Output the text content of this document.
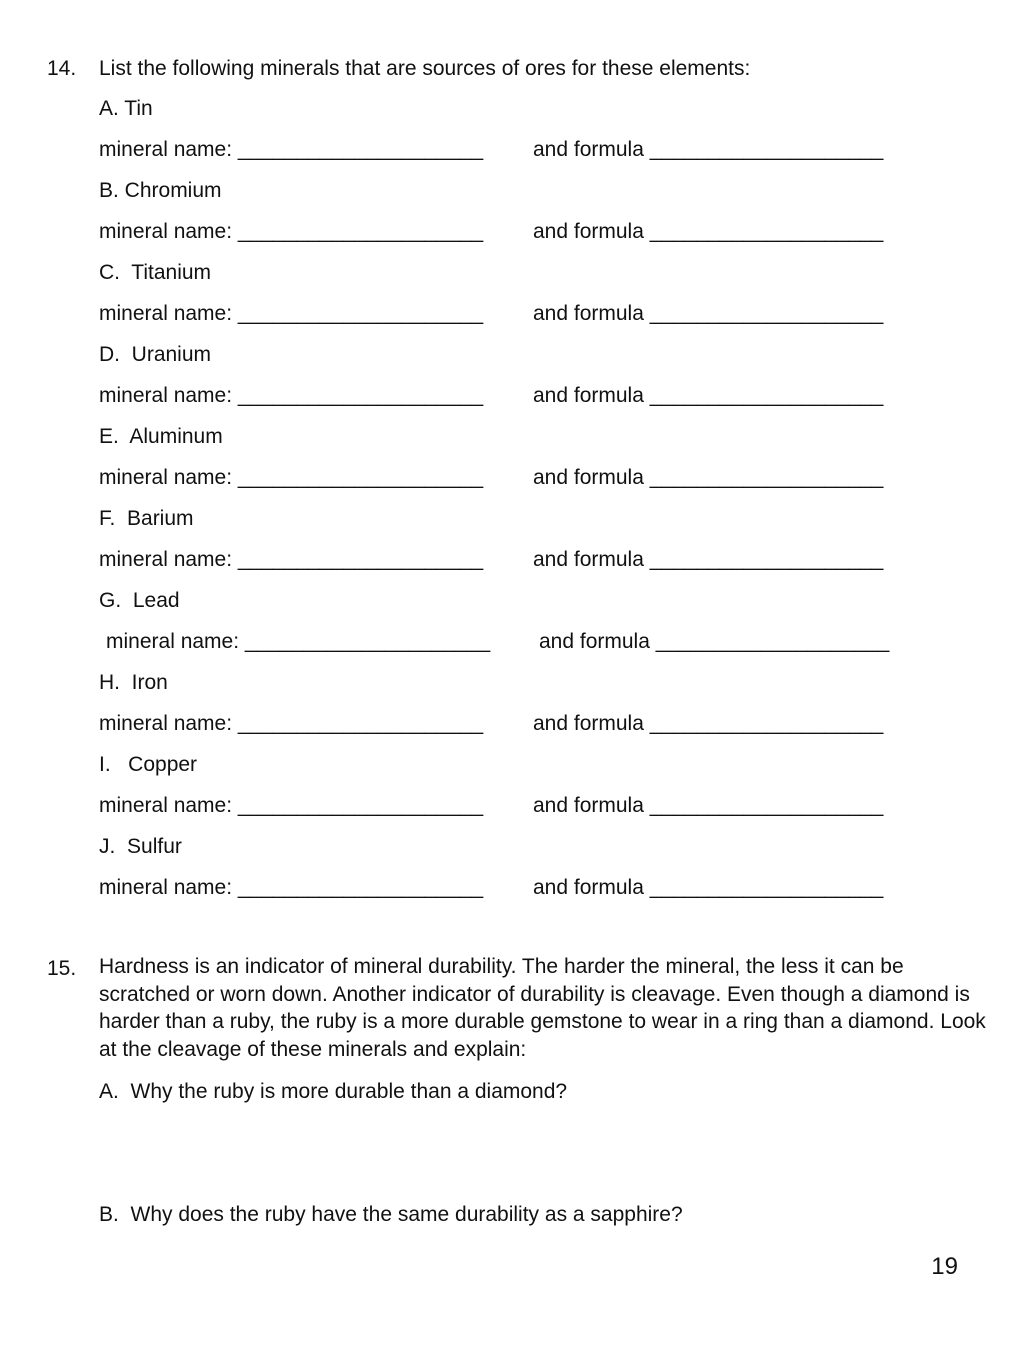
14. List the following minerals that are sources of ores for these elements:
A. Tin
mineral name: _____________________ and formula ____________________
B. Chromium
mineral name: _____________________ and formula ____________________
C.  Titanium
mineral name: _____________________ and formula ____________________
D.  Uranium
mineral name: _____________________ and formula ____________________
E.  Aluminum
mineral name: _____________________ and formula ____________________
F.  Barium
mineral name: _____________________ and formula ____________________
G.  Lead
mineral name: _____________________ and formula ____________________
H.  Iron
mineral name: _____________________ and formula ____________________
I.   Copper
mineral name: _____________________ and formula ____________________
J.  Sulfur
mineral name: _____________________ and formula ____________________
15. Hardness is an indicator of mineral durability. The harder the mineral, the less it can be scratched or worn down. Another indicator of durability is cleavage. Even though a diamond is harder than a ruby, the ruby is a more durable gemstone to wear in a ring than a diamond. Look at the cleavage of these minerals and explain:
A.  Why the ruby is more durable than a diamond?
B.  Why does the ruby have the same durability as a sapphire?
19
